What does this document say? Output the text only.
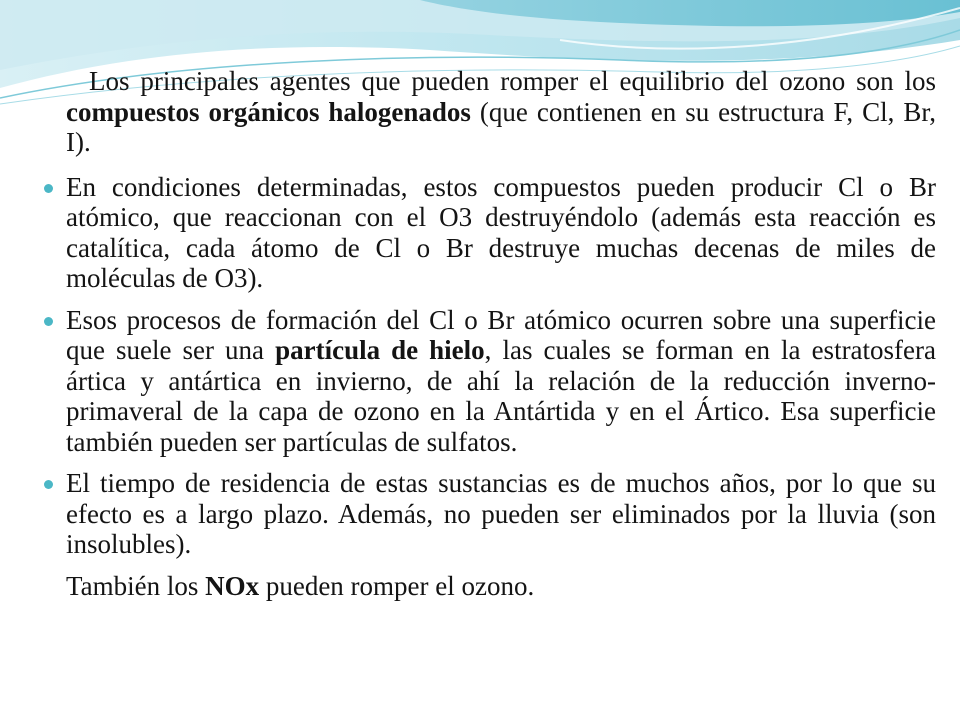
Los principales agentes que pueden romper el equilibrio del ozono son los compuestos orgánicos halogenados (que contienen en su estructura F, Cl, Br, I).

En condiciones determinadas, estos compuestos pueden producir Cl o Br atómico, que reaccionan con el O3 destruyéndolo (además esta reacción es catalítica, cada átomo de Cl o Br destruye muchas decenas de miles de moléculas de O3).

Esos procesos de formación del Cl o Br atómico ocurren sobre una superficie que suele ser una partícula de hielo, las cuales se forman en la estratosfera ártica y antártica en invierno, de ahí la relación de la reducción inverno-primaveral de la capa de ozono en la Antártida y en el Ártico. Esa superficie también pueden ser partículas de sulfatos.

El tiempo de residencia de estas sustancias es de muchos años, por lo que su efecto es a largo plazo. Además, no pueden ser eliminados por la lluvia (son insolubles).

También los NOx pueden romper el ozono.
